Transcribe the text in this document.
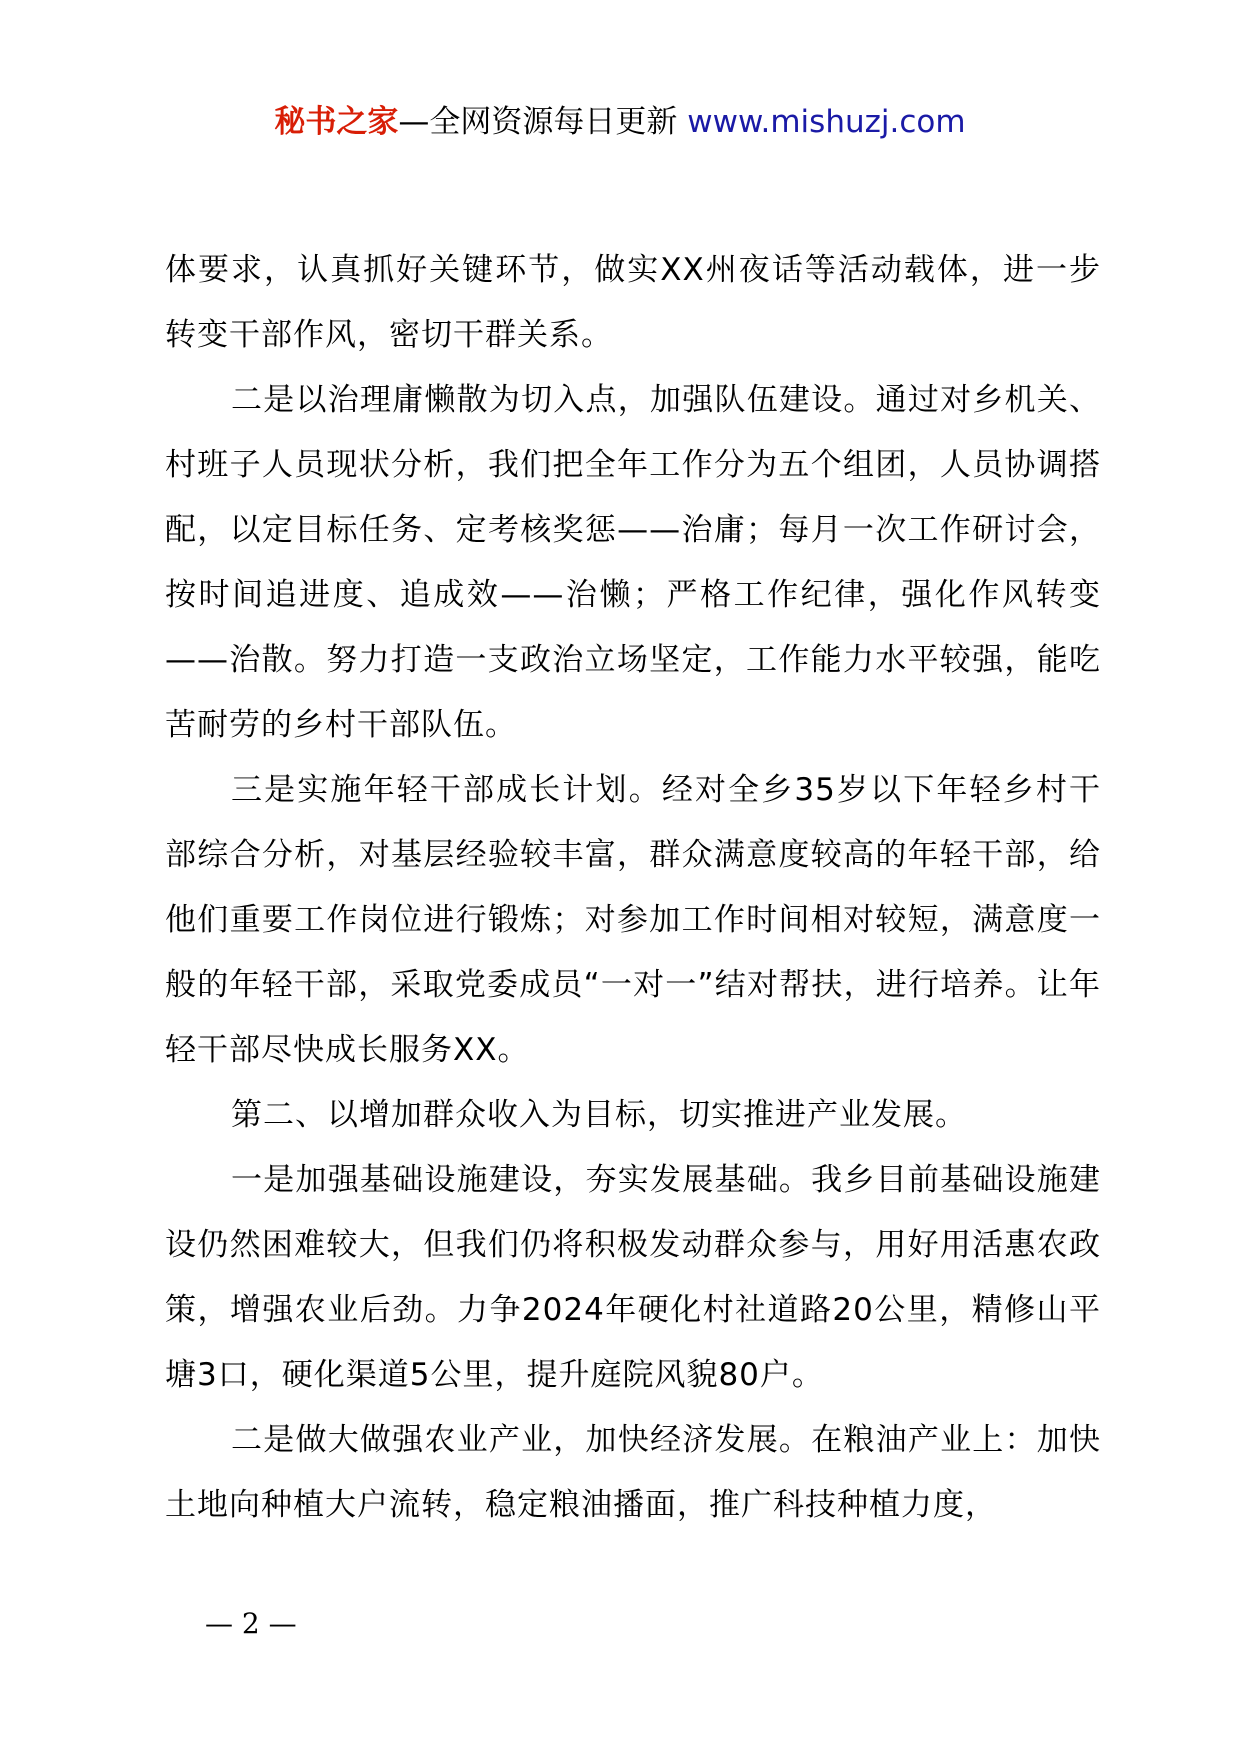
秘书之家—全网资源每日更新 www.mishuzj.com

体要求，认真抓好关键环节，做实XX州夜话等活动载体，进一步转变干部作风，密切干群关系。

二是以治理庸懒散为切入点，加强队伍建设。通过对乡机关、村班子人员现状分析，我们把全年工作分为五个组团，人员协调搭配，以定目标任务、定考核奖惩——治庸；每月一次工作研讨会，按时间追进度、追成效——治懒；严格工作纪律，强化作风转变——治散。努力打造一支政治立场坚定，工作能力水平较强，能吃苦耐劳的乡村干部队伍。

三是实施年轻干部成长计划。经对全乡35岁以下年轻乡村干部综合分析，对基层经验较丰富，群众满意度较高的年轻干部，给他们重要工作岗位进行锻炼；对参加工作时间相对较短，满意度一般的年轻干部，采取党委成员“一对一”结对帮扶，进行培养。让年轻干部尽快成长服务XX。

第二、以增加群众收入为目标，切实推进产业发展。

一是加强基础设施建设，夯实发展基础。我乡目前基础设施建设仍然困难较大，但我们仍将积极发动群众参与，用好用活惠农政策，增强农业后劲。力争2024年硬化村社道路20公里，精修山平塘3口，硬化渠道5公里，提升庭院风貌80户。

二是做大做强农业产业，加快经济发展。在粮油产业上：加快土地向种植大户流转，稳定粮油播面，推广科技种植力度，

— 2 —
